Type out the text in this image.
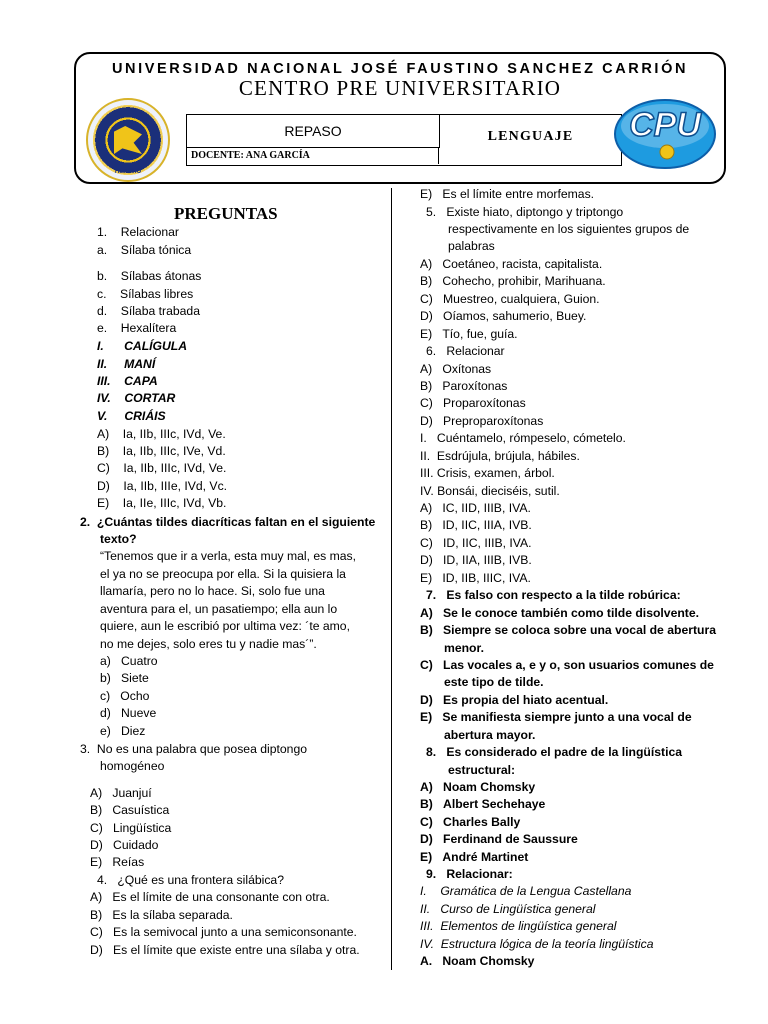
UNIVERSIDAD NACIONAL JOSÉ FAUSTINO SANCHEZ CARRIÓN
CENTRO PRE UNIVERSITARIO
HUACHO
REPASO
DOCENTE: ANA GARCÍA
LENGUAJE	CPU
PREGUNTAS
1.    Relacionar
a.    Sílaba tónica
b.    Sílabas átonas
c.    Sílabas libres
d.    Sílaba trabada
e.    Hexalítera
I.      CALÍGULA
II.     MANÍ
III.    CAPA
IV.    CORTAR
V.     CRIÁIS
A)    Ia, IIb, IIIc, IVd, Ve.
B)    Ia, IIb, IIIc, IVe, Vd.
C)    Ia, IIb, IIIc, IVd, Ve.
D)    Ia, IIb, IIIe, IVd, Vc.
E)    Ia, IIe, IIIc, IVd, Vb.
2.  ¿Cuántas tildes diacríticas faltan en el siguiente
texto?
“Tenemos que ir a verla, esta muy mal, es mas,
el ya no se preocupa por ella. Si la quisiera la
llamaría, pero no lo hace. Si, solo fue una
aventura para el, un pasatiempo; ella aun lo
quiere, aun le escribió por ultima vez: ´te amo,
no me dejes, solo eres tu y nadie mas´”.
a)   Cuatro
b)   Siete
c)   Ocho
d)   Nueve
e)   Diez
3.  No es una palabra que posea diptongo
homogéneo
A)   Juanjuí
B)   Casuística
C)   Lingüística
D)   Cuidado
E)   Reías
4.   ¿Qué es una frontera silábica?
A)   Es el límite de una consonante con otra.
B)   Es la sílaba separada.
C)   Es la semivocal junto a una semiconsonante.
D)   Es el límite que existe entre una sílaba y otra.
E)   Es el límite entre morfemas.
5.   Existe hiato, diptongo y triptongo
respectivamente en los siguientes grupos de
palabras
A)   Coetáneo, racista, capitalista.
B)   Cohecho, prohibir, Marihuana.
C)   Muestreo, cualquiera, Guion.
D)   Oíamos, sahumerio, Buey.
E)   Tío, fue, guía.
6.   Relacionar
A)   Oxítonas
B)   Paroxítonas
C)   Proparoxítonas
D)   Preproparoxítonas
I.   Cuéntamelo, rómpeselo, cómetelo.
II.  Esdrújula, brújula, hábiles.
III. Crisis, examen, árbol.
IV. Bonsái, dieciséis, sutil.
A)   IC, IID, IIIB, IVA.
B)   ID, IIC, IIIA, IVB.
C)   ID, IIC, IIIB, IVA.
D)   ID, IIA, IIIB, IVB.
E)   ID, IIB, IIIC, IVA.
7.   Es falso con respecto a la tilde robúrica:
A)   Se le conoce también como tilde disolvente.
B)   Siempre se coloca sobre una vocal de abertura
menor.
C)   Las vocales a, e y o, son usuarios comunes de
este tipo de tilde.
D)   Es propia del hiato acentual.
E)   Se manifiesta siempre junto a una vocal de
abertura mayor.
8.   Es considerado el padre de la lingüística
estructural:
A)   Noam Chomsky
B)   Albert Sechehaye
C)   Charles Bally
D)   Ferdinand de Saussure
E)   André Martinet
9.   Relacionar:
I.    Gramática de la Lengua Castellana
II.   Curso de Lingüística general
III.  Elementos de lingüística general
IV.  Estructura lógica de la teoría lingüística
A.   Noam Chomsky
